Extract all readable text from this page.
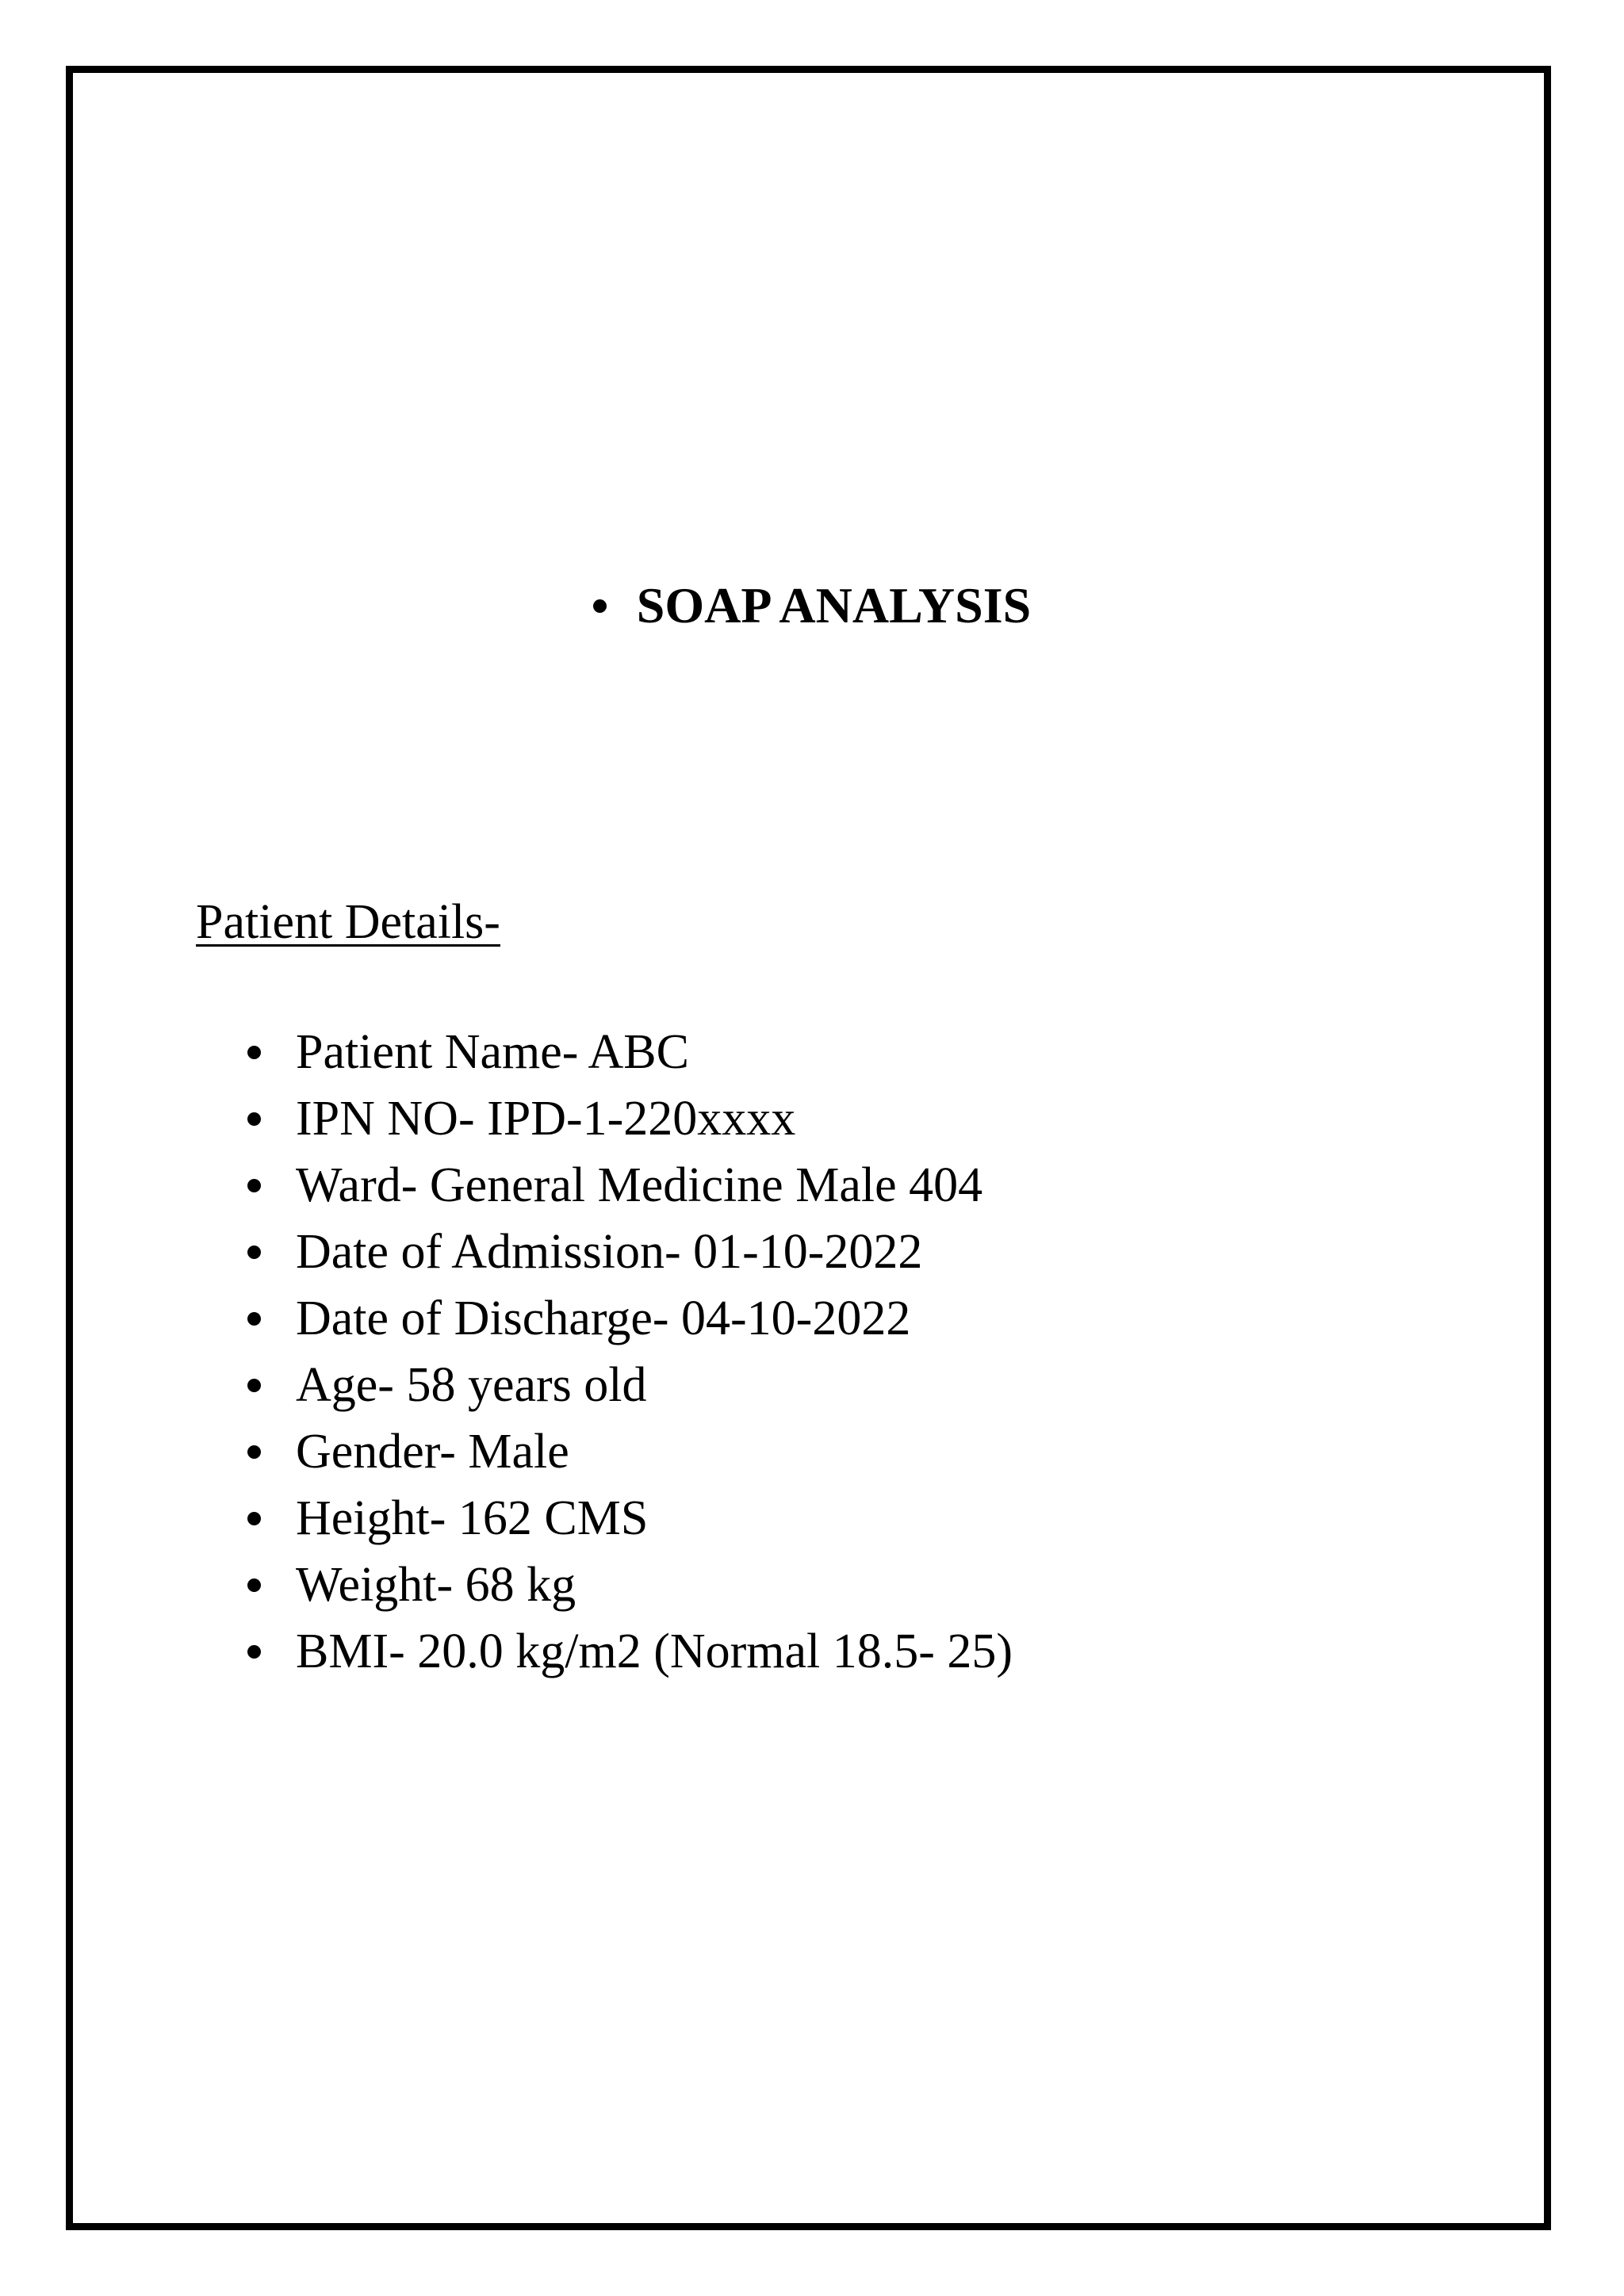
SOAP ANALYSIS
Patient Details-
Patient Name- ABC
IPN NO- IPD-1-220xxxx
Ward- General Medicine Male 404
Date of Admission- 01-10-2022
Date of Discharge- 04-10-2022
Age- 58 years old
Gender- Male
Height- 162 CMS
Weight- 68 kg
BMI- 20.0 kg/m2 (Normal 18.5- 25)
